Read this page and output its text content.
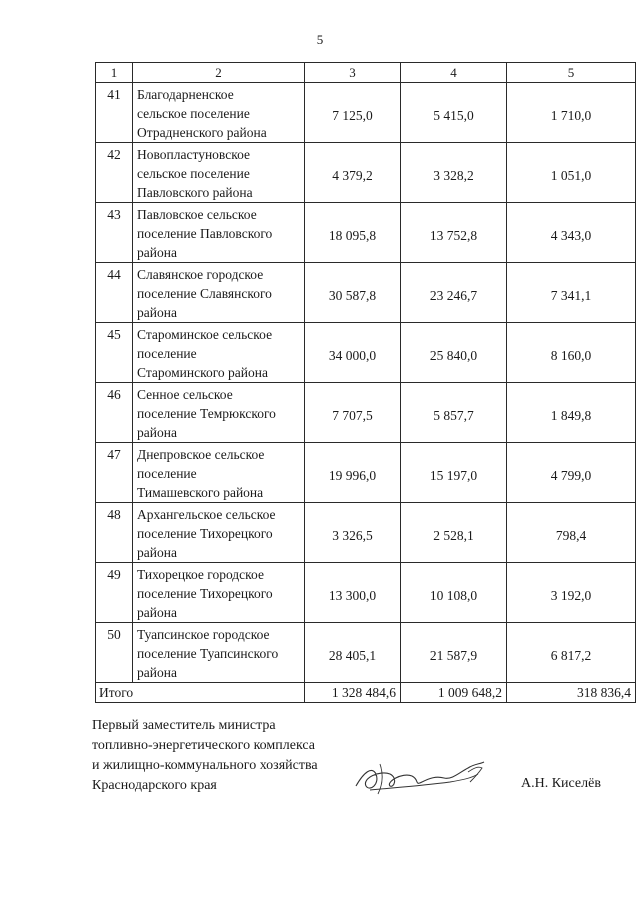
5
1	2	3	4	5
41	Благодарненское
сельское поселение
Отрадненского района	7 125,0	5 415,0	1 710,0
42	Новопластуновское
сельское поселение
Павловского района	4 379,2	3 328,2	1 051,0
43	Павловское сельское
поселение Павловского
района	18 095,8	13 752,8	4 343,0
44	Славянское городское
поселение Славянского
района	30 587,8	23 246,7	7 341,1
45	Староминское сельское
поселение
Староминского района	34 000,0	25 840,0	8 160,0
46	Сенное сельское
поселение Темрюкского
района	7 707,5	5 857,7	1 849,8
47	Днепровское сельское
поселение
Тимашевского района	19 996,0	15 197,0	4 799,0
48	Архангельское сельское
поселение Тихорецкого
района	3 326,5	2 528,1	798,4
49	Тихорецкое городское
поселение Тихорецкого
района	13 300,0	10 108,0	3 192,0
50	Туапсинское городское
поселение Туапсинского
района	28 405,1	21 587,9	6 817,2
Итого		1 328 484,6	1 009 648,2	318 836,4
Первый заместитель министра
топливно-энергетического комплекса
и жилищно-коммунального хозяйства
Краснодарского края	А.Н. Киселёв
